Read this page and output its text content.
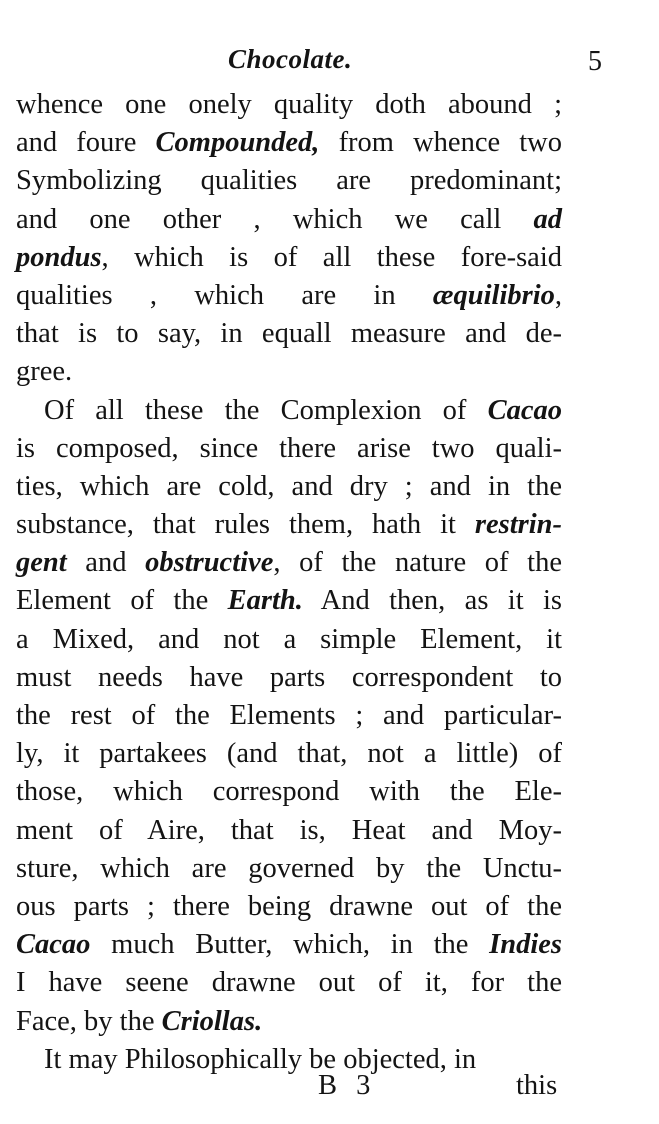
Chocolate.	5
whence one onely quality doth abound ;
and foure Compounded, from whence two
Symbolizing qualities are predominant;
and one other , which we call ad
pondus, which is of all these fore-said
qualities , which are in æquilibrio,
that is to say, in equall measure and de-
gree.
Of all these the Complexion of Cacao
is composed, since there arise two quali-
ties, which are cold, and dry ; and in the
substance, that rules them, hath it restrin-
gent and obstructive, of the nature of the
Element of the Earth. And then, as it is
a Mixed, and not a simple Element, it
must needs have parts correspondent to
the rest of the Elements ; and particular-
ly, it partakees (and that, not a little) of
those, which correspond with the Ele-
ment of Aire, that is, Heat and Moy-
sture, which are governed by the Unctu-
ous parts ; there being drawne out of the
Cacao much Butter, which, in the Indies
I have seene drawne out of it, for the
Face, by the Criollas.
It may Philosophically be objected, in
B 3	this
